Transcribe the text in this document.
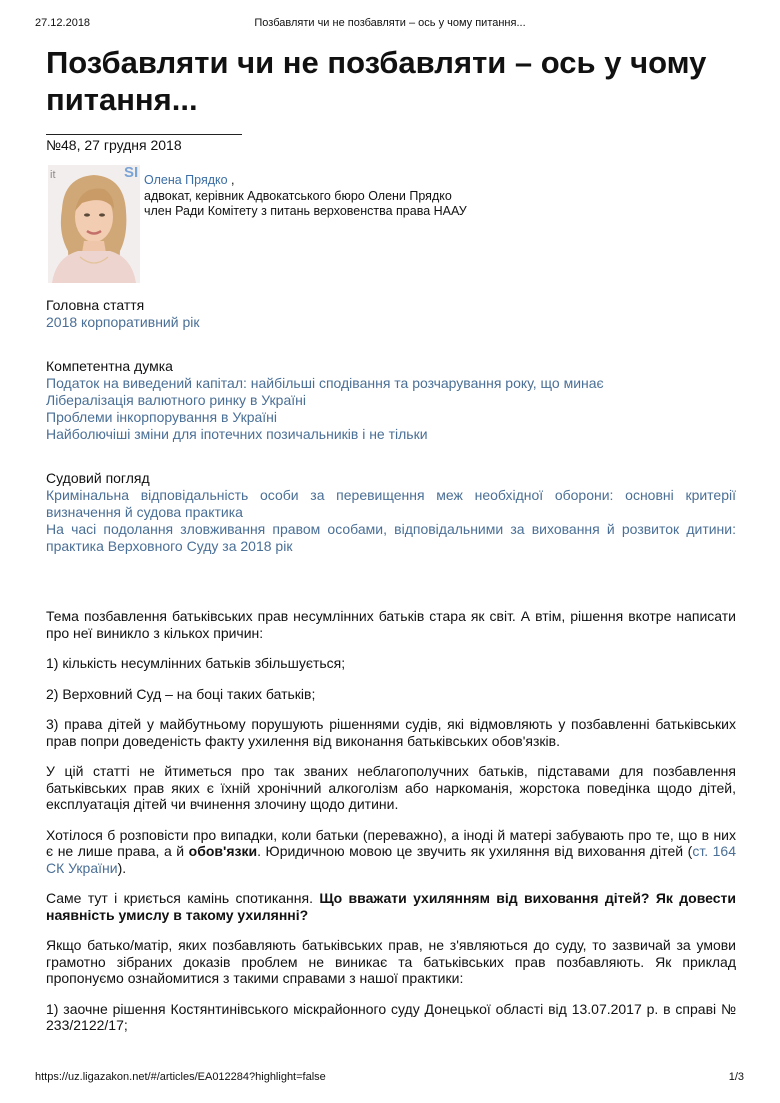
27.12.2018	Позбавляти чи не позбавляти – ось у чому питання...
Позбавляти чи не позбавляти – ось у чому питання...
№48, 27 грудня 2018
it	SI Олена Прядко ,
адвокат, керівник Адвокатського бюро Олени Прядко
член Ради Комітету з питань верховенства права НААУ
Головна стаття
2018 корпоративний рік
Компетентна думка
Податок на виведений капітал: найбільші сподівання та розчарування року, що минає
Лібералізація валютного ринку в Україні
Проблеми інкорпорування в Україні
Найболючіші зміни для іпотечних позичальників і не тільки
Судовий погляд
Кримінальна відповідальність особи за перевищення меж необхідної оборони: основні критерії визначення й судова практика
На часі подолання зловживання правом особами, відповідальними за виховання й розвиток дитини: практика Верховного Суду за 2018 рік

Тема позбавлення батьківських прав несумлінних батьків стара як світ. А втім, рішення вкотре написати про неї виникло з кількох причин:

1) кількість несумлінних батьків збільшується;

2) Верховний Суд – на боці таких батьків;

3) права дітей у майбутньому порушують рішеннями судів, які відмовляють у позбавленні батьківських прав попри доведеність факту ухилення від виконання батьківських обов'язків.

У цій статті не йтиметься про так званих неблагополучних батьків, підставами для позбавлення батьківських прав яких є їхній хронічний алкоголізм або наркоманія, жорстока поведінка щодо дітей, експлуатація дітей чи вчинення злочину щодо дитини.

Хотілося б розповісти про випадки, коли батьки (переважно), а іноді й матері забувають про те, що в них є не лише права, а й обов'язки. Юридичною мовою це звучить як ухиляння від виховання дітей (ст. 164 СК України).

Саме тут і криється камінь спотикання. Що вважати ухилянням від виховання дітей? Як довести наявність умислу в такому ухилянні?

Якщо батько/матір, яких позбавляють батьківських прав, не з'являються до суду, то зазвичай за умови грамотно зібраних доказів проблем не виникає та батьківських прав позбавляють. Як приклад пропонуємо ознайомитися з такими справами з нашої практики:

1) заочне рішення Костянтинівського міскрайонного суду Донецької області від 13.07.2017 р. в справі № 233/2122/17;

https://uz.ligazakon.net/#/articles/EA012284?highlight=false	1/3
